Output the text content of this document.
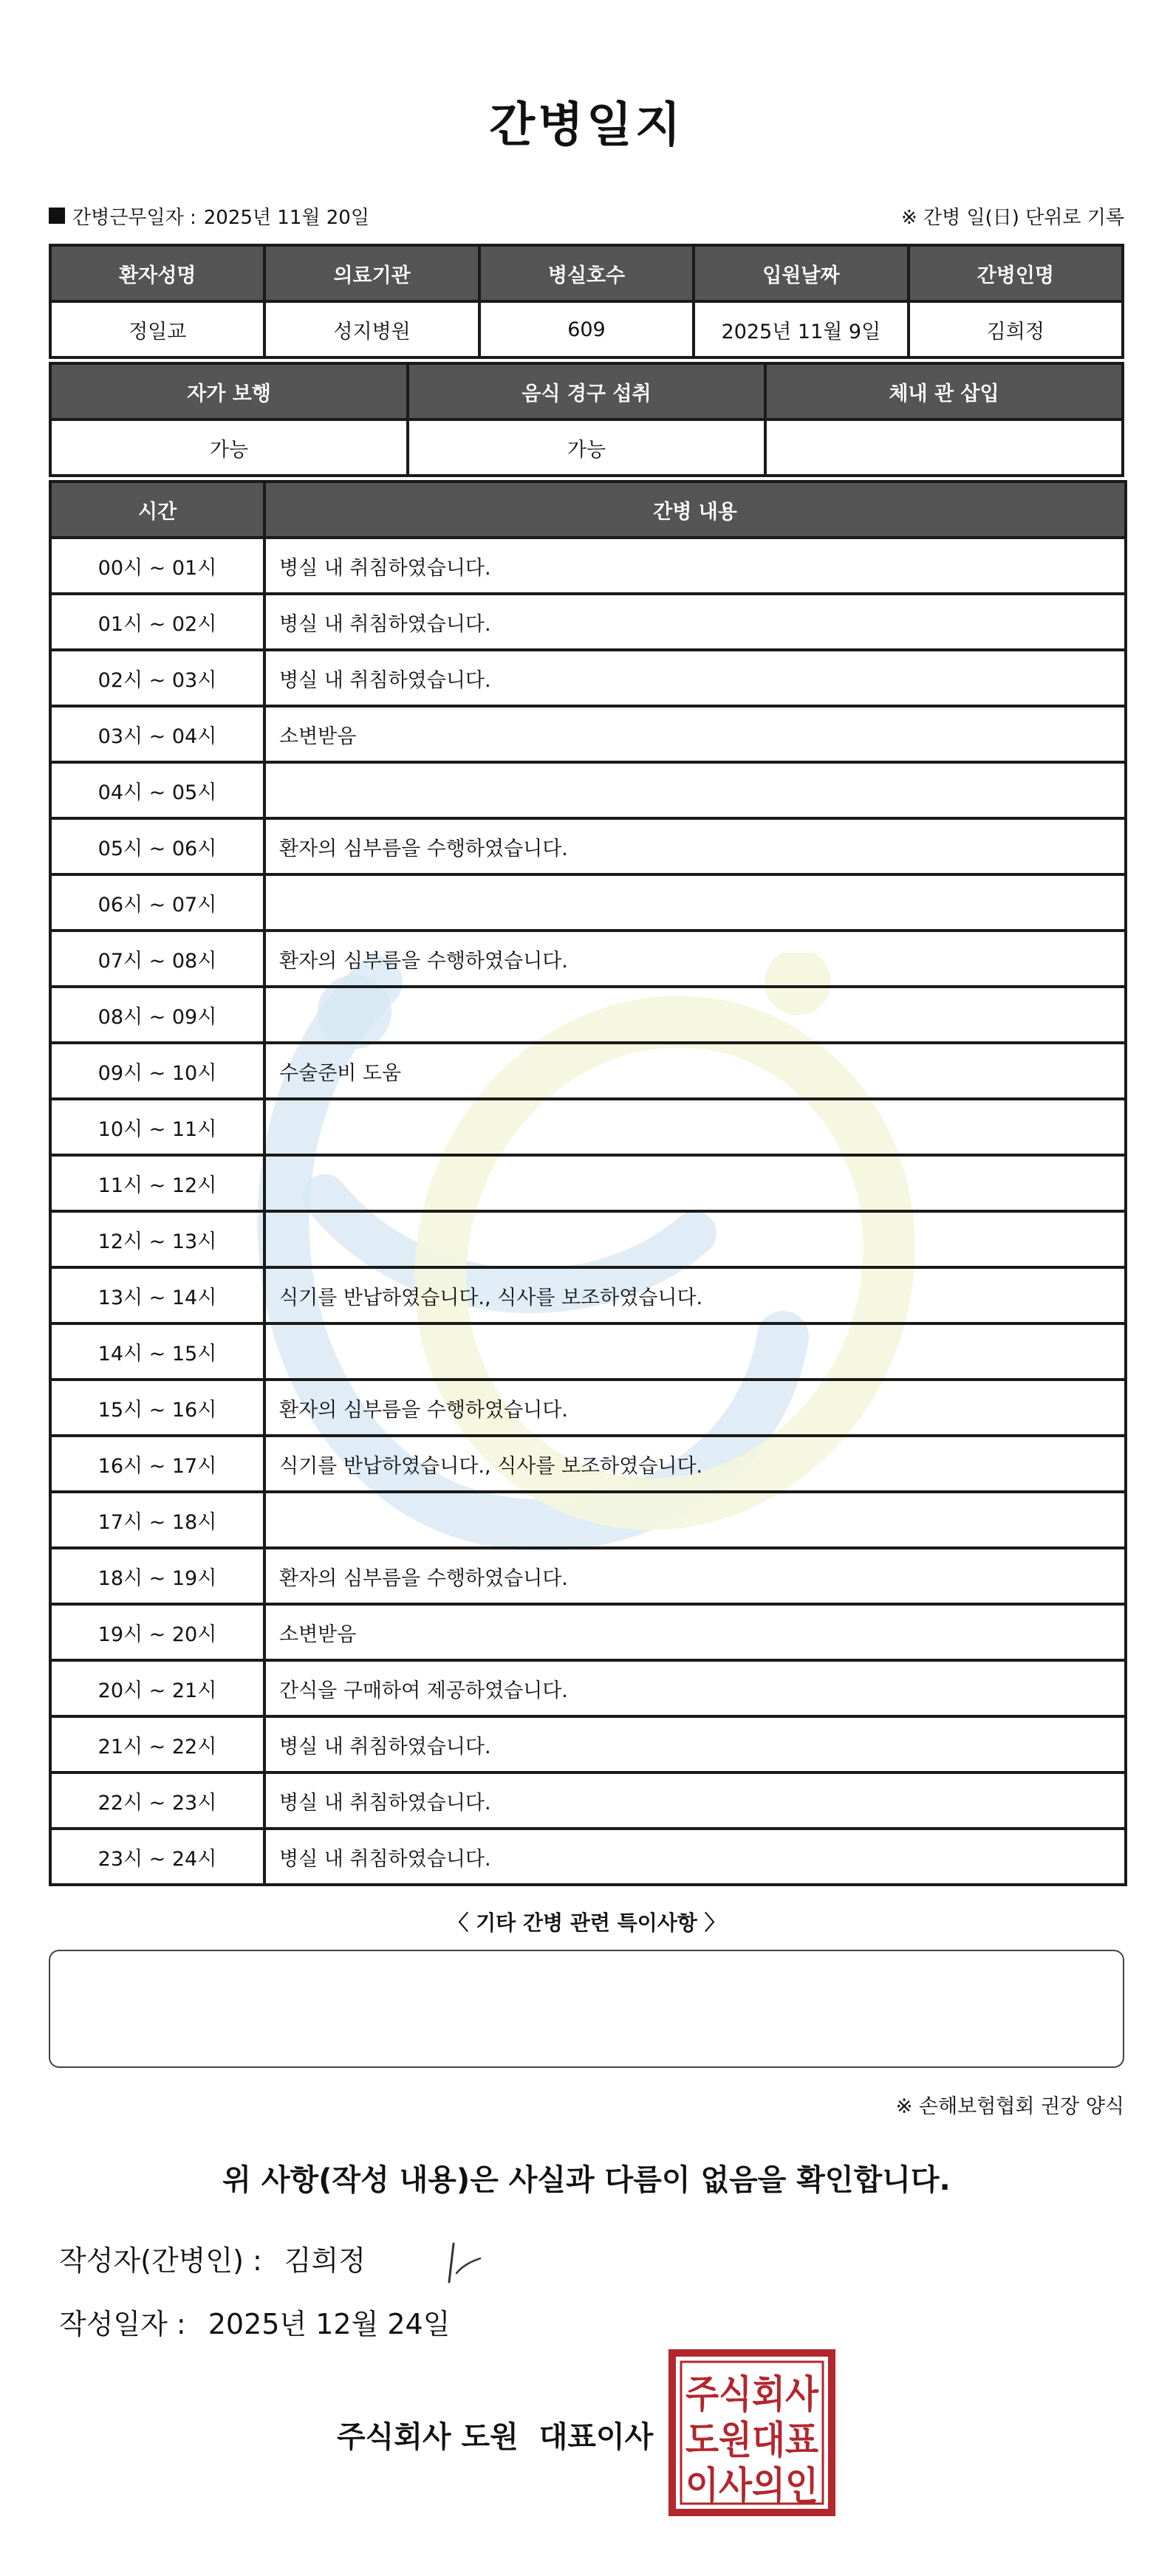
간병일지
간병근무일자 : 2025년 11월 20일	※ 간병 일(日) 단위로 기록
환자성명	의료기관	병실호수	입원날짜	간병인명
정일교	성지병원	609	2025년 11월 9일	김희정
자가 보행	음식 경구 섭취	체내 관 삽입
가능	가능	
시간	간병 내용
00시 ~ 01시	병실 내 취침하였습니다.
01시 ~ 02시	병실 내 취침하였습니다.
02시 ~ 03시	병실 내 취침하였습니다.
03시 ~ 04시	소변받음
04시 ~ 05시	
05시 ~ 06시	환자의 심부름을 수행하였습니다.
06시 ~ 07시	
07시 ~ 08시	환자의 심부름을 수행하였습니다.
08시 ~ 09시	
09시 ~ 10시	수술준비 도움
10시 ~ 11시	
11시 ~ 12시	
12시 ~ 13시	
13시 ~ 14시	식기를 반납하였습니다., 식사를 보조하였습니다.
14시 ~ 15시	
15시 ~ 16시	환자의 심부름을 수행하였습니다.
16시 ~ 17시	식기를 반납하였습니다., 식사를 보조하였습니다.
17시 ~ 18시	
18시 ~ 19시	환자의 심부름을 수행하였습니다.
19시 ~ 20시	소변받음
20시 ~ 21시	간식을 구매하여 제공하였습니다.
21시 ~ 22시	병실 내 취침하였습니다.
22시 ~ 23시	병실 내 취침하였습니다.
23시 ~ 24시	병실 내 취침하였습니다.
〈 기타 간병 관련 특이사항 〉
※ 손해보험협회 권장 양식
위 사항(작성 내용)은 사실과 다름이 없음을 확인합니다.
작성자(간병인) : 김희정
작성일자 : 2025년 12월 24일
주식회사 도원 대표이사
주식회사
도원대표
이사의인
